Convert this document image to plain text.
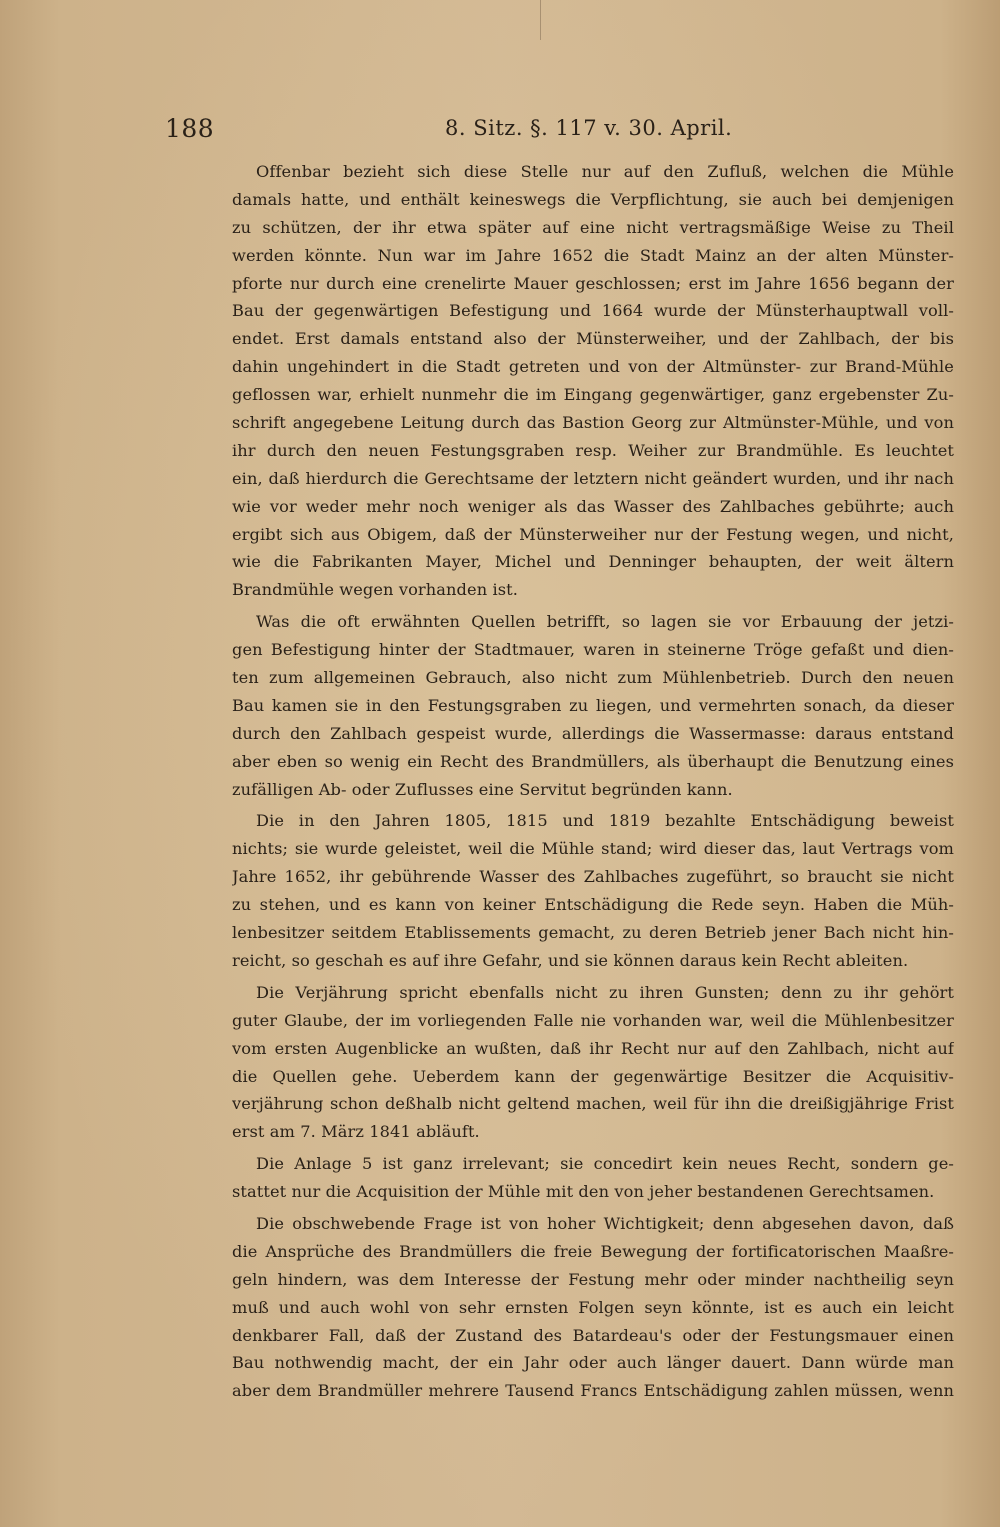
188	8. Sitz. §. 117 v. 30. April.
Offenbar bezieht sich diese Stelle nur auf den Zufluß, welchen die Mühle
damals hatte, und enthält keineswegs die Verpflichtung, sie auch bei demjenigen
zu schützen, der ihr etwa später auf eine nicht vertragsmäßige Weise zu Theil
werden könnte. Nun war im Jahre 1652 die Stadt Mainz an der alten Münster-
pforte nur durch eine crenelirte Mauer geschlossen; erst im Jahre 1656 begann der
Bau der gegenwärtigen Befestigung und 1664 wurde der Münsterhauptwall voll-
endet. Erst damals entstand also der Münsterweiher, und der Zahlbach, der bis
dahin ungehindert in die Stadt getreten und von der Altmünster- zur Brand-Mühle
geflossen war, erhielt nunmehr die im Eingang gegenwärtiger, ganz ergebenster Zu-
schrift angegebene Leitung durch das Bastion Georg zur Altmünster-Mühle, und von
ihr durch den neuen Festungsgraben resp. Weiher zur Brandmühle. Es leuchtet
ein, daß hierdurch die Gerechtsame der letztern nicht geändert wurden, und ihr nach
wie vor weder mehr noch weniger als das Wasser des Zahlbaches gebührte; auch
ergibt sich aus Obigem, daß der Münsterweiher nur der Festung wegen, und nicht,
wie die Fabrikanten Mayer, Michel und Denninger behaupten, der weit ältern
Brandmühle wegen vorhanden ist.
Was die oft erwähnten Quellen betrifft, so lagen sie vor Erbauung der jetzi-
gen Befestigung hinter der Stadtmauer, waren in steinerne Tröge gefaßt und dien-
ten zum allgemeinen Gebrauch, also nicht zum Mühlenbetrieb. Durch den neuen
Bau kamen sie in den Festungsgraben zu liegen, und vermehrten sonach, da dieser
durch den Zahlbach gespeist wurde, allerdings die Wassermasse: daraus entstand
aber eben so wenig ein Recht des Brandmüllers, als überhaupt die Benutzung eines
zufälligen Ab- oder Zuflusses eine Servitut begründen kann.
Die in den Jahren 1805, 1815 und 1819 bezahlte Entschädigung beweist
nichts; sie wurde geleistet, weil die Mühle stand; wird dieser das, laut Vertrags vom
Jahre 1652, ihr gebührende Wasser des Zahlbaches zugeführt, so braucht sie nicht
zu stehen, und es kann von keiner Entschädigung die Rede seyn. Haben die Müh-
lenbesitzer seitdem Etablissements gemacht, zu deren Betrieb jener Bach nicht hin-
reicht, so geschah es auf ihre Gefahr, und sie können daraus kein Recht ableiten.
Die Verjährung spricht ebenfalls nicht zu ihren Gunsten; denn zu ihr gehört
guter Glaube, der im vorliegenden Falle nie vorhanden war, weil die Mühlenbesitzer
vom ersten Augenblicke an wußten, daß ihr Recht nur auf den Zahlbach, nicht auf
die Quellen gehe. Ueberdem kann der gegenwärtige Besitzer die Acquisitiv-
verjährung schon deßhalb nicht geltend machen, weil für ihn die dreißigjährige Frist
erst am 7. März 1841 abläuft.
Die Anlage 5 ist ganz irrelevant; sie concedirt kein neues Recht, sondern ge-
stattet nur die Acquisition der Mühle mit den von jeher bestandenen Gerechtsamen.
Die obschwebende Frage ist von hoher Wichtigkeit; denn abgesehen davon, daß
die Ansprüche des Brandmüllers die freie Bewegung der fortificatorischen Maaßre-
geln hindern, was dem Interesse der Festung mehr oder minder nachtheilig seyn
muß und auch wohl von sehr ernsten Folgen seyn könnte, ist es auch ein leicht
denkbarer Fall, daß der Zustand des Batardeau's oder der Festungsmauer einen
Bau nothwendig macht, der ein Jahr oder auch länger dauert. Dann würde man
aber dem Brandmüller mehrere Tausend Francs Entschädigung zahlen müssen, wenn
